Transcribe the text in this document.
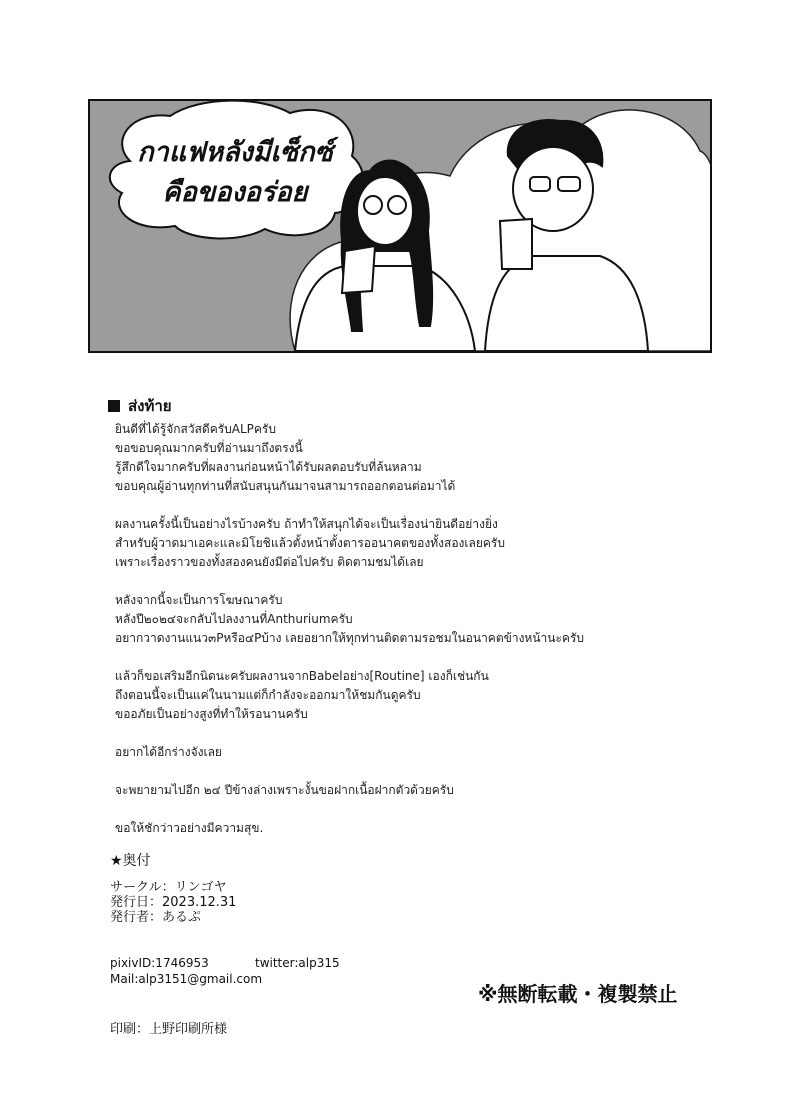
กาแฟหลังมีเซ็กซ์
คือของอร่อย
ส่งท้าย
ยินดีที่ได้รู้จักสวัสดีครับALPครับ
ขอขอบคุณมากครับที่อ่านมาถึงตรงนี้
รู้สึกดีใจมากครับที่ผลงานก่อนหน้าได้รับผลตอบรับที่ล้นหลาม
ขอบคุณผู้อ่านทุกท่านที่สนับสนุนกันมาจนสามารถออกตอนต่อมาได้
ผลงานครั้งนี้เป็นอย่างไรบ้างครับ ถ้าทำให้สนุกได้จะเป็นเรื่องน่ายินดีอย่างยิ่ง
สำหรับผู้วาดมาเอคะและมิโยชิแล้วตั้งหน้าตั้งตารออนาคตของทั้งสองเลยครับ
เพราะเรื่องราวของทั้งสองคนยังมีต่อไปครับ ติดตามชมได้เลย
หลังจากนี้จะเป็นการโฆษณาครับ
หลังปี๒๐๒๔จะกลับไปลงงานที่Anthuriumครับ
อยากวาดงานแนว๓Pหรือ๔Pบ้าง เลยอยากให้ทุกท่านติดตามรอชมในอนาคตข้างหน้านะครับ
แล้วก็ขอเสริมอีกนิดนะครับผลงานจากBabelอย่าง[Routine] เองก็เช่นกัน
ถึงตอนนี้จะเป็นแค่ในนามแต่ก็กำลังจะออกมาให้ชมกันดูครับ
ขออภัยเป็นอย่างสูงที่ทำให้รอนานครับ
อยากได้อีกร่างจังเลย
จะพยายามไปอีก ๒๔ ปีข้างล่างเพราะงั้นขอฝากเนื้อฝากตัวด้วยครับ
ขอให้ชักว่าวอย่างมีความสุข.
★奥付
サークル：リンゴヤ
発行日：2023.12.31
発行者：あるぷ
pixivID:1746953	twitter:alp315
Mail:alp3151@gmail.com
※無断転載・複製禁止
印刷：上野印刷所様
